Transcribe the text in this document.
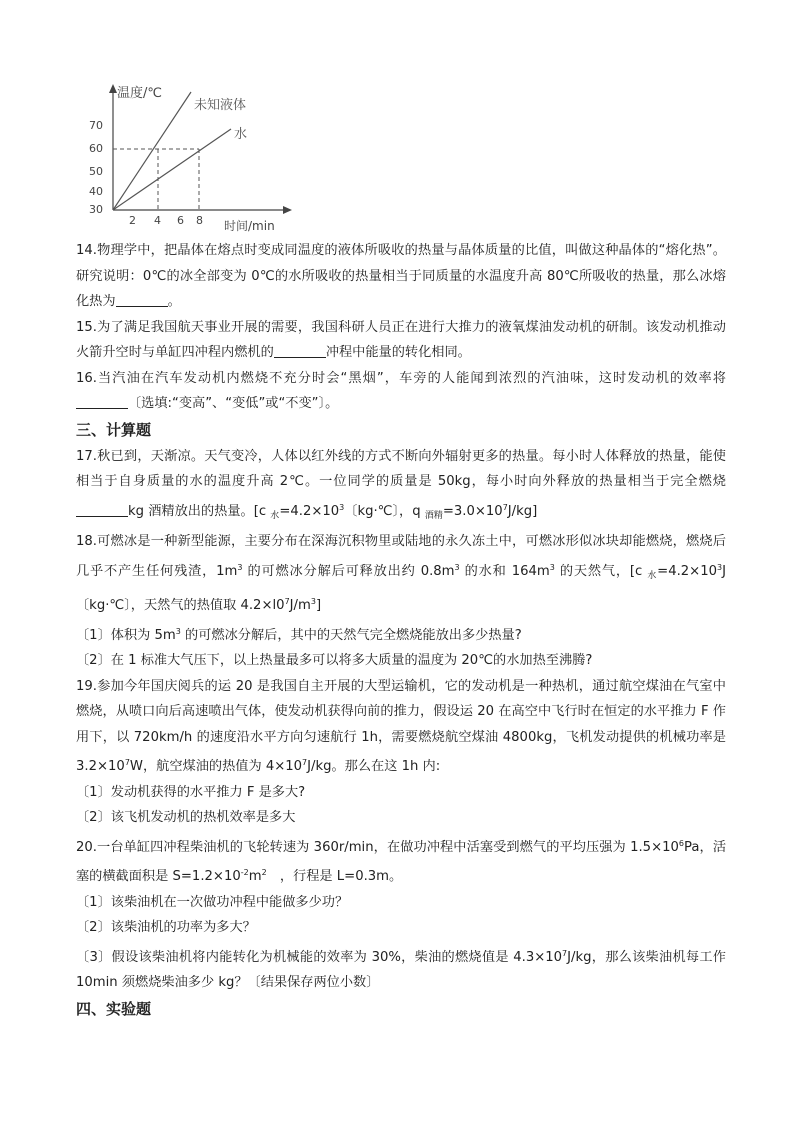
温度/℃
时间/min
70
60
50
40
30
2 4 6 8
未知液体
水

14.物理学中，把晶体在熔点时变成同温度的液体所吸收的热量与晶体质量的比值，叫做这种晶体的“熔化热”。研究说明：0℃的冰全部变为 0℃的水所吸收的热量相当于同质量的水温度升高 80℃所吸收的热量，那么冰熔化热为	。

15.为了满足我国航天事业开展的需要，我国科研人员正在进行大推力的液氧煤油发动机的研制。该发动机推动火箭升空时与单缸四冲程内燃机的	冲程中能量的转化相同。

16.当汽油在汽车发动机内燃烧不充分时会“黑烟”，车旁的人能闻到浓烈的汽油味，这时发动机的效率将〔选填:“变高”、“变低”或“不变”〕。

三、计算题

17.秋已到，天渐凉。天气变冷，人体以红外线的方式不断向外辐射更多的热量。每小时人体释放的热量，能使相当于自身质量的水的温度升高 2℃。一位同学的质量是 50kg，每小时向外释放的热量相当于完全燃烧kg 酒精放出的热量。[c $_水=4.2\times 10^3$〔kg·℃〕，q $_{酒精}=3.0\times 10^7J/kg$]

18.可燃冰是一种新型能源，主要分布在深海沉积物里或陆地的永久冻土中，可燃冰形似冰块却能燃烧，燃烧后几乎不产生任何残渣，$1m^3$ 的可燃冰分解后可释放出约 $0.8m^3$ 的水和 $164m^3$ 的天然气，[c $_水=4.2\times 10^3J$〔kg·℃〕，天然气的热值取 $4.2\times l0^7J/m^3$]

〔1〕体积为 $5m^3$ 的可燃冰分解后，其中的天然气完全燃烧能放出多少热量?

〔2〕在 1 标准大气压下，以上热量最多可以将多大质量的温度为 20℃的水加热至沸腾?

19.参加今年国庆阅兵的运 20 是我国自主开展的大型运输机，它的发动机是一种热机，通过航空煤油在气室中燃烧，从喷口向后高速喷出气体，使发动机获得向前的推力，假设运 20 在高空中飞行时在恒定的水平推力 F 作用下，以 720km/h 的速度沿水平方向匀速航行 1h，需要燃烧航空煤油 4800kg，飞机发动提供的机械功率是 $3.2\times 10^7W$，航空煤油的热值为 $4\times 10^7J/kg$。那么在这 1h 内:

〔1〕发动机获得的水平推力 F 是多大?

〔2〕该飞机发动机的热机效率是多大

20.一台单缸四冲程柴油机的飞轮转速为 360r/min，在做功冲程中活塞受到燃气的平均压强为 $1.5\times 10^6Pa$，活塞的横截面积是 $S=1.2\times 10^{-2}m^2$　，行程是 L=0.3m。

〔1〕该柴油机在一次做功冲程中能做多少功？

〔2〕该柴油机的功率为多大？

〔3〕假设该柴油机将内能转化为机械能的效率为 30%，柴油的燃烧值是 $4.3\times 10^7J/kg$，那么该柴油机每工作 10min 须燃烧柴油多少 kg？〔结果保存两位小数〕

四、实验题
